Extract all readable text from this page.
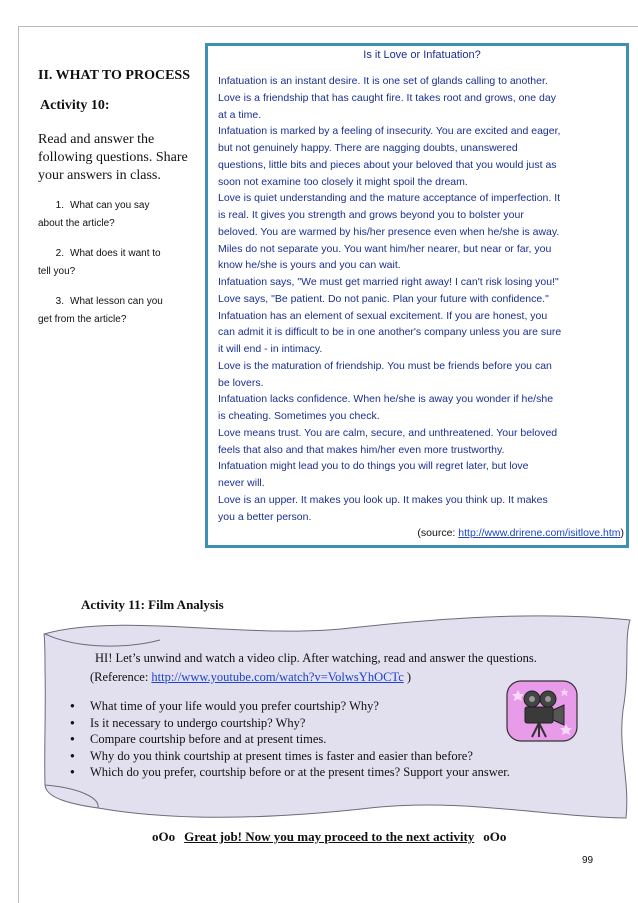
II. WHAT TO PROCESS
Activity 10:
Read and answer the
following questions. Share
your answers in class.
1. What can you say
about the article?
2. What does it want to
tell you?
3. What lesson can you
get from the article?
Is it Love or Infatuation?
Infatuation is an instant desire. It is one set of glands calling to another.
Love is a friendship that has caught fire. It takes root and grows, one day
at a time.
Infatuation is marked by a feeling of insecurity. You are excited and eager,
but not genuinely happy. There are nagging doubts, unanswered
questions, little bits and pieces about your beloved that you would just as
soon not examine too closely it might spoil the dream.
Love is quiet understanding and the mature acceptance of imperfection. It
is real. It gives you strength and grows beyond you to bolster your
beloved. You are warmed by his/her presence even when he/she is away.
Miles do not separate you. You want him/her nearer, but near or far, you
know he/she is yours and you can wait.
Infatuation says, "We must get married right away! I can't risk losing you!"
Love says, "Be patient. Do not panic. Plan your future with confidence."
Infatuation has an element of sexual excitement. If you are honest, you
can admit it is difficult to be in one another's company unless you are sure
it will end - in intimacy.
Love is the maturation of friendship. You must be friends before you can
be lovers.
Infatuation lacks confidence. When he/she is away you wonder if he/she
is cheating. Sometimes you check.
Love means trust. You are calm, secure, and unthreatened. Your beloved
feels that also and that makes him/her even more trustworthy.
Infatuation might lead you to do things you will regret later, but love
never will.
Love is an upper. It makes you look up. It makes you think up. It makes
you a better person.
(source: http://www.drirene.com/isitlove.htm)
Activity 11: Film Analysis
HI! Let’s unwind and watch a video clip. After watching, read and answer the questions.
(Reference: http://www.youtube.com/watch?v=VolwsYhOCTc )
● What time of your life would you prefer courtship? Why?
● Is it necessary to undergo courtship? Why?
● Compare courtship before and at present times.
● Why do you think courtship at present times is faster and easier than before?
● Which do you prefer, courtship before or at the present times? Support your answer.
oOo Great job! Now you may proceed to the next activity oOo
99
